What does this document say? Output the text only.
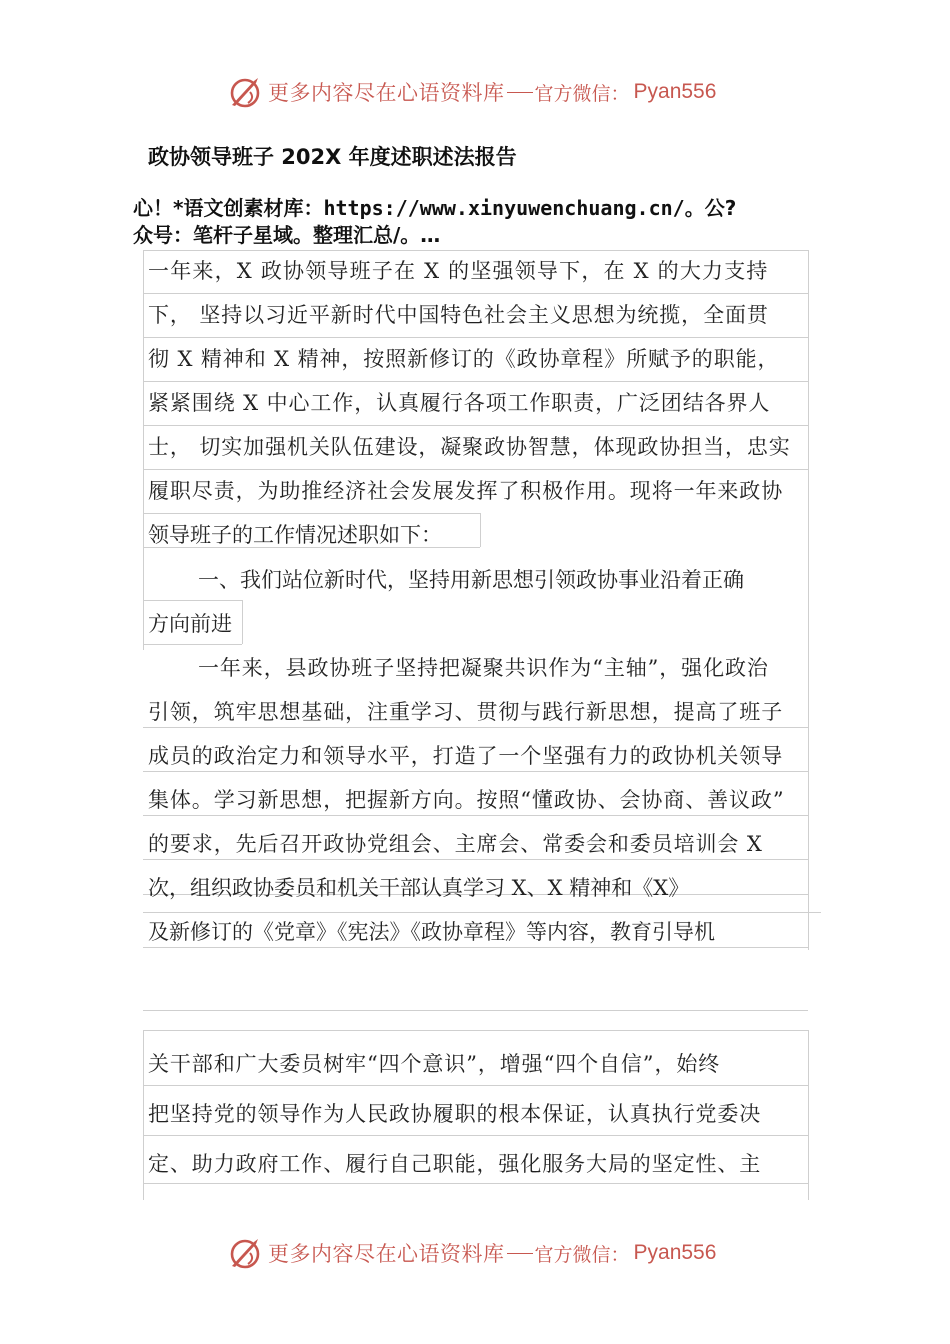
更多内容尽在心语资料库 官方微信： Pyan556
政协领导班子 202X 年度述职述法报告

心！*语文创素材库：https://www.xinyuwenchuang.cn/。公?
众号：笔杆子星域。整理汇总/。…

一年来，X 政协领导班子在 X 的坚强领导下，在 X 的大力支持
下， 坚持以习近平新时代中国特色社会主义思想为统揽，全面贯
彻 X 精神和 X 精神，按照新修订的《政协章程》所赋予的职能，
紧紧围绕 X 中心工作，认真履行各项工作职责，广泛团结各界人
士， 切实加强机关队伍建设，凝聚政协智慧，体现政协担当，忠实
履职尽责，为助推经济社会发展发挥了积极作用。现将一年来政协
领导班子的工作情况述职如下：
一、我们站位新时代，坚持用新思想引领政协事业沿着正确
方向前进
一年来，县政协班子坚持把凝聚共识作为“主轴”，强化政治
引领，筑牢思想基础，注重学习、贯彻与践行新思想，提高了班子
成员的政治定力和领导水平，打造了一个坚强有力的政协机关领导
集体。学习新思想，把握新方向。按照“懂政协、会协商、善议政”
的要求，先后召开政协党组会、主席会、常委会和委员培训会 X
次，组织政协委员和机关干部认真学习 X、X 精神和《X》
及新修订的《党章》《宪法》《政协章程》等内容，教育引导机
关干部和广大委员树牢“四个意识”，增强“四个自信”，始终
把坚持党的领导作为人民政协履职的根本保证，认真执行党委决
定、助力政府工作、履行自己职能，强化服务大局的坚定性、主
更多内容尽在心语资料库 官方微信： Pyan556
